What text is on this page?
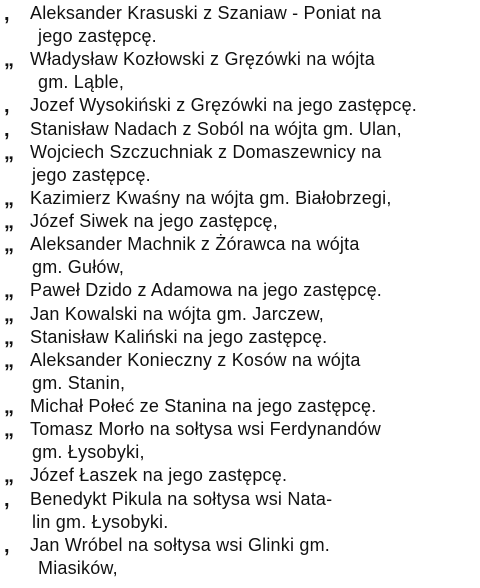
,	Aleksander Krasuski z Szaniaw - Poniat na
jego zastępcę.
„ Władysław Kozłowski z Gręzówki na wójta
gm. Ląble,
,	Jozef Wysokiński z Gręzówki na jego zastępcę.
,	Stanisław Nadach z Soból na wójta gm. Ulan,
„ Wojciech Szczuchniak z Domaszewnicy na
jego zastępcę.
„ Kazimierz Kwaśny na wójta gm. Białobrzegi,
„ Józef Siwek na jego zastępcę,
„ Aleksander Machnik z Żórawca na wójta
gm. Gułów,
„ Paweł Dzido z Adamowa na jego zastępcę.
„ Jan Kowalski na wójta gm. Jarczew,
„ Stanisław Kaliński na jego zastępcę.
„ Aleksander Konieczny z Kosów na wójta
gm. Stanin,
„ Michał Połeć ze Stanina na jego zastępcę.
„ Tomasz Morło na sołtysa wsi Ferdynandów
gm. Łysobyki,
„ Józef Łaszek na jego zastępcę.
,	Benedykt Pikula na sołtysa wsi Nata-
lin gm. Łysobyki.
,	Jan Wróbel na sołtysa wsi Glinki gm.
Miasików,
